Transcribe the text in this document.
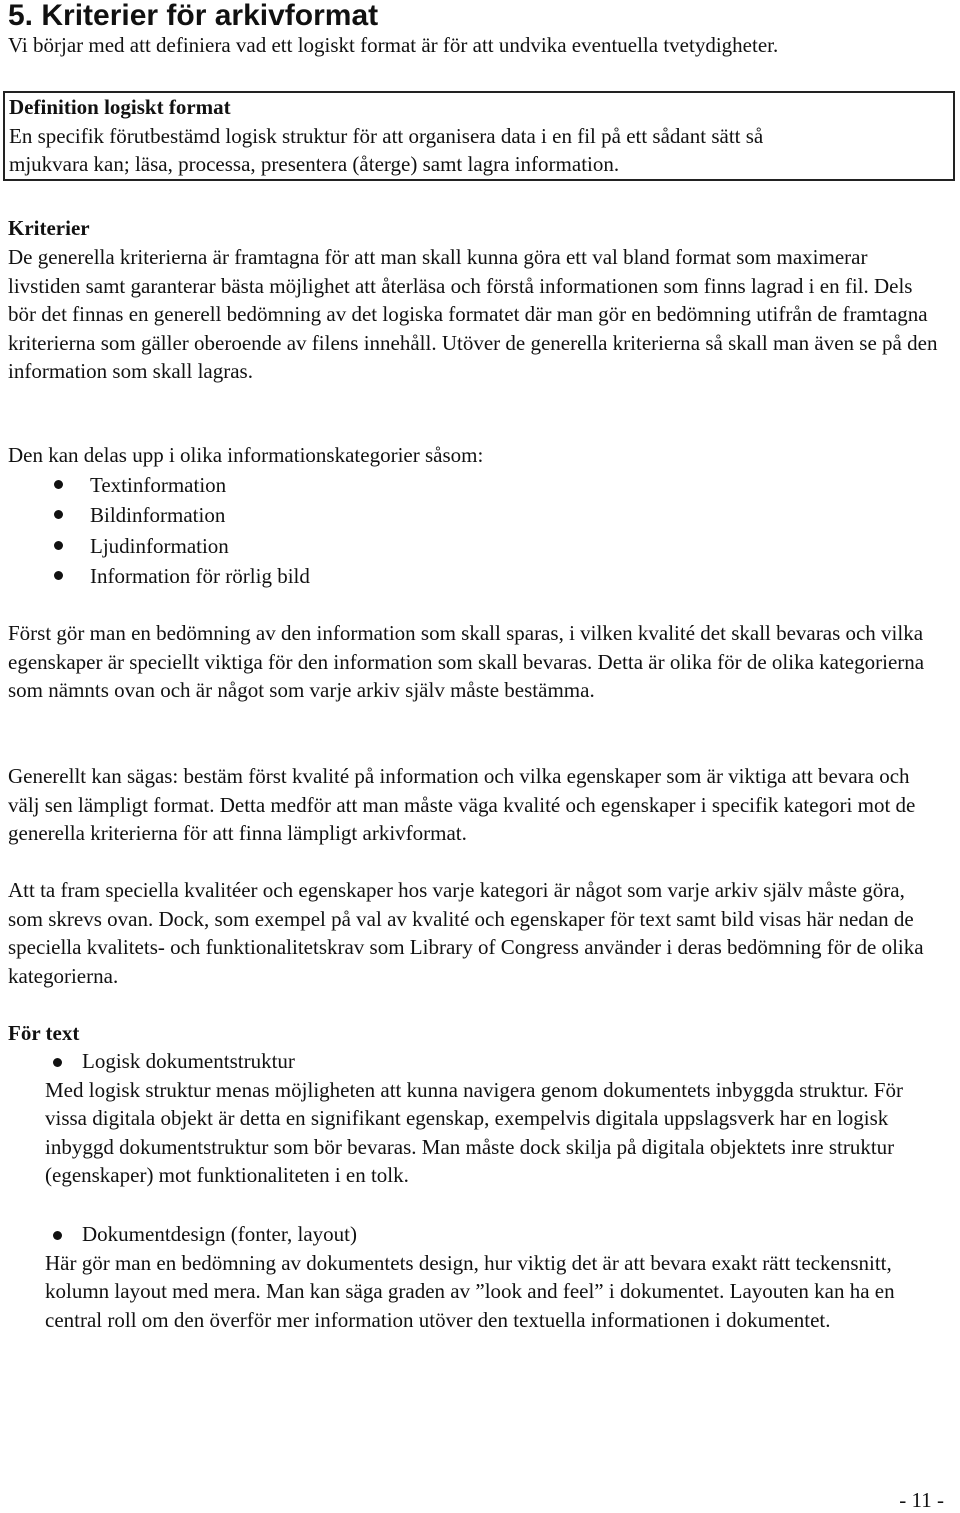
5. Kriterier för arkivformat

Vi börjar med att definiera vad ett logiskt format är för att undvika eventuella tvetydigheter.

Definition logiskt format

En specifik förutbestämd logisk struktur för att organisera data i en fil på ett sådant sätt så

mjukvara kan; läsa, processa, presentera (återge) samt lagra information.

Kriterier

De generella kriterierna är framtagna för att man skall kunna göra ett val bland format som maximerar livstiden samt garanterar bästa möjlighet att återläsa och förstå informationen som finns lagrad i en fil. Dels bör det finnas en generell bedömning av det logiska formatet där man gör en bedömning utifrån de framtagna kriterierna som gäller oberoende av filens innehåll. Utöver de generella kriterierna så skall man även se på den information som skall lagras.

Den kan delas upp i olika informationskategorier såsom:

Textinformation
Bildinformation
Ljudinformation
Information för rörlig bild

Först gör man en bedömning av den information som skall sparas, i vilken kvalité det skall bevaras och vilka egenskaper är speciellt viktiga för den information som skall bevaras. Detta är olika för de olika kategorierna som nämnts ovan och är något som varje arkiv själv måste bestämma.

Generellt kan sägas: bestäm först kvalité på information och vilka egenskaper som är viktiga att bevara och välj sen lämpligt format. Detta medför att man måste väga kvalité och egenskaper i specifik kategori mot de generella kriterierna för att finna lämpligt arkivformat.

Att ta fram speciella kvalitéer och egenskaper hos varje kategori är något som varje arkiv själv måste göra, som skrevs ovan. Dock, som exempel på val av kvalité och egenskaper för text samt bild visas här nedan de speciella kvalitets- och funktionalitetskrav som Library of Congress använder i deras bedömning för de olika kategorierna.

För text

Logisk dokumentstruktur

Med logisk struktur menas möjligheten att kunna navigera genom dokumentets inbyggda struktur. För vissa digitala objekt är detta en signifikant egenskap, exempelvis digitala uppslagsverk har en logisk inbyggd dokumentstruktur som bör bevaras. Man måste dock skilja på digitala objektets inre struktur (egenskaper) mot funktionaliteten i en tolk.

Dokumentdesign (fonter, layout)

Här gör man en bedömning av dokumentets design, hur viktig det är att bevara exakt rätt teckensnitt, kolumn layout med mera. Man kan säga graden av ”look and feel” i dokumentet. Layouten kan ha en central roll om den överför mer information utöver den textuella informationen i dokumentet.

- 11 -
